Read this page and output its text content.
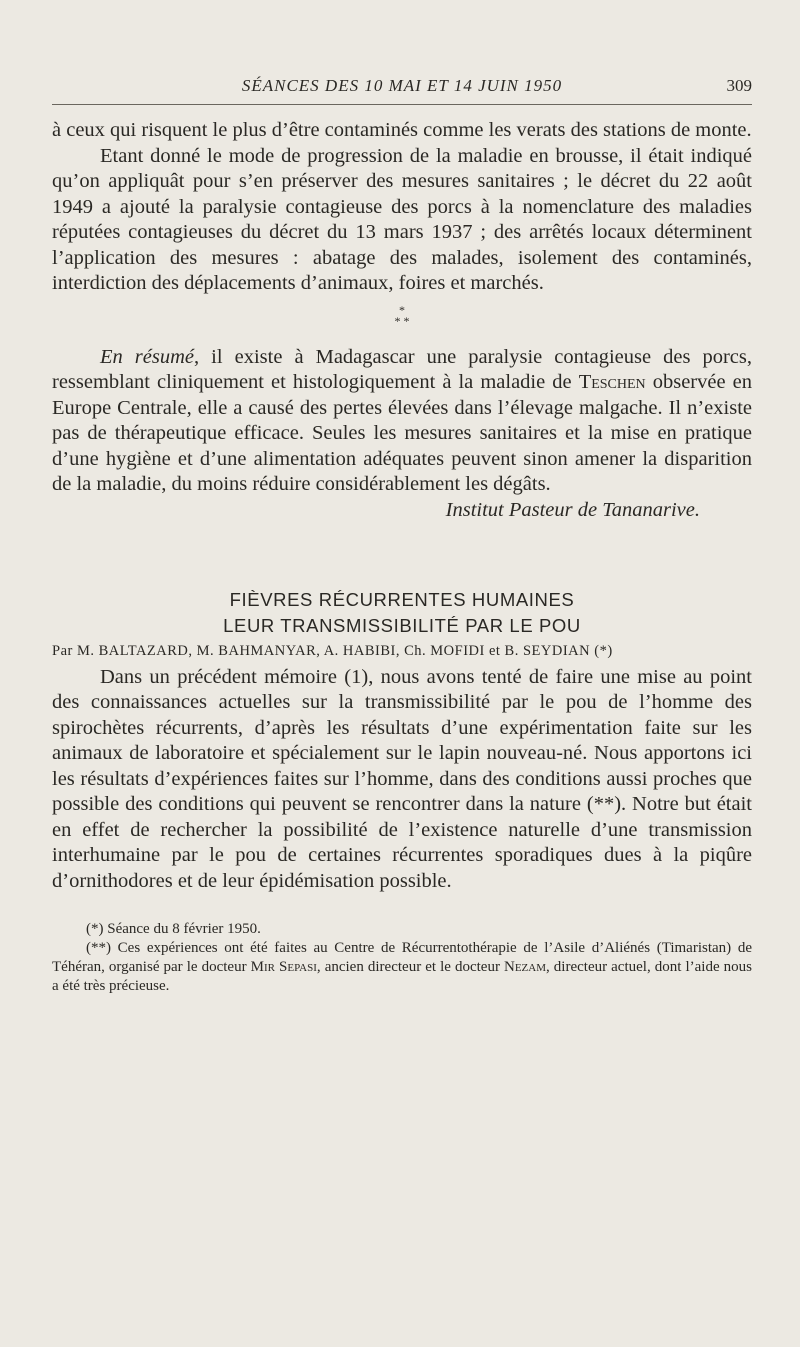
SÉANCES DES 10 MAI ET 14 JUIN 1950	309

à ceux qui risquent le plus d’être contaminés comme les verats des stations de monte.

Etant donné le mode de progression de la maladie en brousse, il était indiqué qu’on appliquât pour s’en préserver des mesures sanitaires ; le décret du 22 août 1949 a ajouté la paralysie contagieuse des porcs à la nomenclature des maladies réputées contagieuses du décret du 13 mars 1937 ; des arrêtés locaux déterminent l’application des mesures : abatage des malades, isolement des contaminés, interdiction des déplacements d’animaux, foires et marchés.

*
* *

En résumé, il existe à Madagascar une paralysie contagieuse des porcs, ressemblant cliniquement et histologiquement à la maladie de Teschen observée en Europe Centrale, elle a causé des pertes élevées dans l’élevage malgache. Il n’existe pas de thérapeutique efficace. Seules les mesures sanitaires et la mise en pratique d’une hygiène et d’une alimentation adéquates peuvent sinon amener la disparition de la maladie, du moins réduire considérablement les dégâts.

Institut Pasteur de Tananarive.

FIÈVRES RÉCURRENTES HUMAINES
LEUR TRANSMISSIBILITÉ PAR LE POU

Par M. BALTAZARD, M. BAHMANYAR, A. HABIBI, Ch. MOFIDI et B. SEYDIAN (*)

Dans un précédent mémoire (1), nous avons tenté de faire une mise au point des connaissances actuelles sur la transmissibilité par le pou de l’homme des spirochètes récurrents, d’après les résultats d’une expérimentation faite sur les animaux de laboratoire et spécialement sur le lapin nouveau-né. Nous apportons ici les résultats d’expériences faites sur l’homme, dans des conditions aussi proches que possible des conditions qui peuvent se rencontrer dans la nature (**). Notre but était en effet de rechercher la possibilité de l’existence naturelle d’une transmission interhumaine par le pou de certaines récurrentes sporadiques dues à la piqûre d’ornithodores et de leur épidémisation possible.

(*) Séance du 8 février 1950.

(**) Ces expériences ont été faites au Centre de Récurrentothérapie de l’Asile d’Aliénés (Timaristan) de Téhéran, organisé par le docteur Mir Sepasi, ancien directeur et le docteur Nezam, directeur actuel, dont l’aide nous a été très précieuse.
